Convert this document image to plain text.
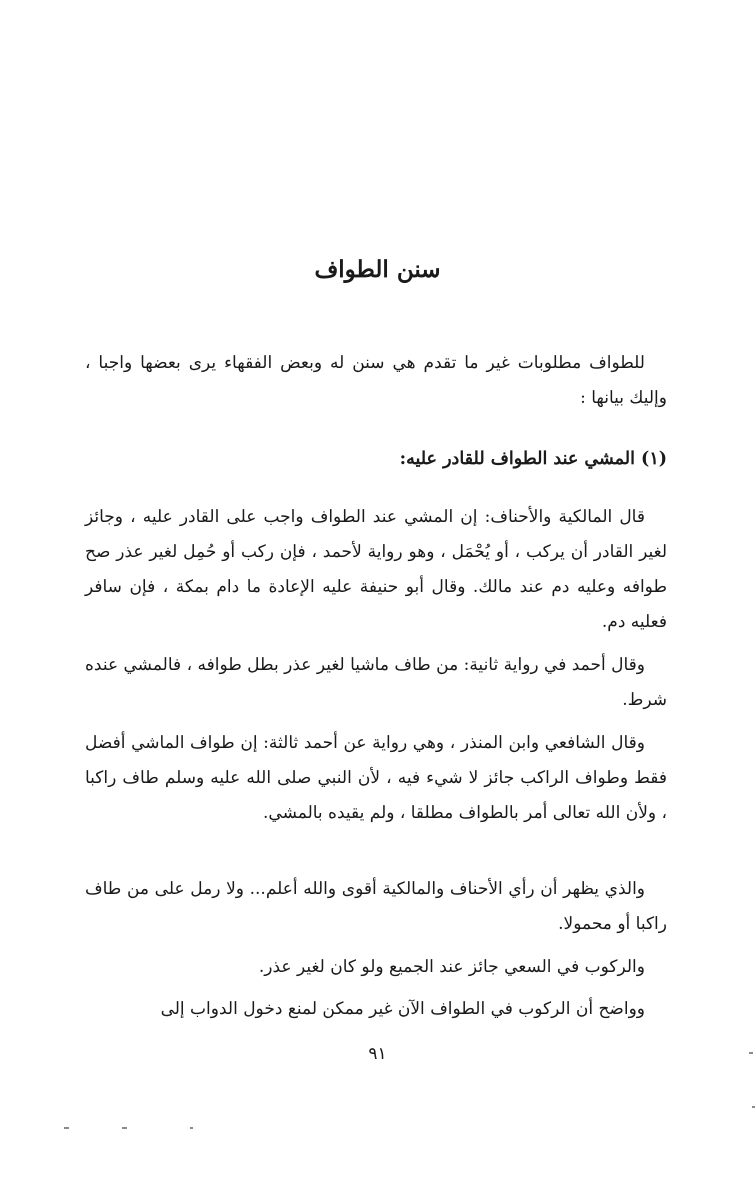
سنن الطواف

للطواف مطلوبات غير ما تقدم هي سنن له وبعض الفقهاء يرى بعضها واجبا ، وإليك بيانها :

(١) المشي عند الطواف للقادر عليه:

قال المالكية والأحناف: إن المشي عند الطواف واجب على القادر عليه ، وجائز لغير القادر أن يركب ، أو يُحْمَل ، وهو رواية لأحمد ، فإن ركب أو حُمِل لغير عذر صح طوافه وعليه دم عند مالك. وقال أبو حنيفة عليه الإعادة ما دام بمكة ، فإن سافر فعليه دم.

وقال أحمد في رواية ثانية: من طاف ماشيا لغير عذر بطل طوافه ، فالمشي عنده شرط.

وقال الشافعي وابن المنذر ، وهي رواية عن أحمد ثالثة: إن طواف الماشي أفضل فقط وطواف الراكب جائز لا شيء فيه ، لأن النبي صلى الله عليه وسلم طاف راكبا ، ولأن الله تعالى أمر بالطواف مطلقا ، ولم يقيده بالمشي.

والذي يظهر أن رأي الأحناف والمالكية أقوى والله أعلم... ولا رمل على من طاف راكبا أو محمولا.

والركوب في السعي جائز عند الجميع ولو كان لغير عذر.

وواضح أن الركوب في الطواف الآن غير ممكن لمنع دخول الدواب إلى

٩١
